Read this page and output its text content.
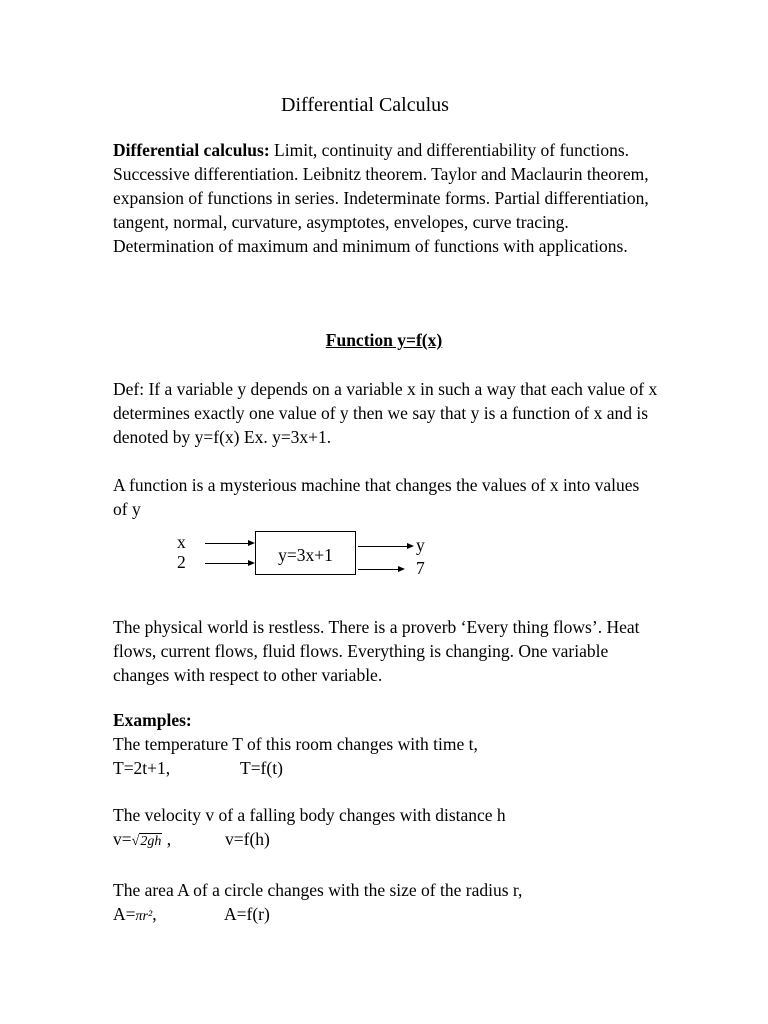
Differential Calculus

Differential calculus: Limit, continuity and differentiability of functions. Successive differentiation. Leibnitz theorem. Taylor and Maclaurin theorem, expansion of functions in series. Indeterminate forms. Partial differentiation, tangent, normal, curvature, asymptotes, envelopes, curve tracing. Determination of maximum and minimum of functions with applications.

Function y=f(x)

Def: If a variable y depends on a variable x in such a way that each value of x determines exactly one value of y then we say that y is a function of x and is denoted by y=f(x) Ex. y=3x+1.

A function is a mysterious machine that changes the values of x into values of y

x
2	y=3x+1	y
7

The physical world is restless. There is a proverb ‘Every thing flows’. Heat flows, current flows, fluid flows. Everything is changing. One variable changes with respect to other variable.

Examples:
The temperature T of this room changes with time t,
T=2t+1,	T=f(t)
The velocity v of a falling body changes with distance h
v=√2gh ,	v=f(h)
The area A of a circle changes with the size of the radius r,
A=πr²,	A=f(r)
